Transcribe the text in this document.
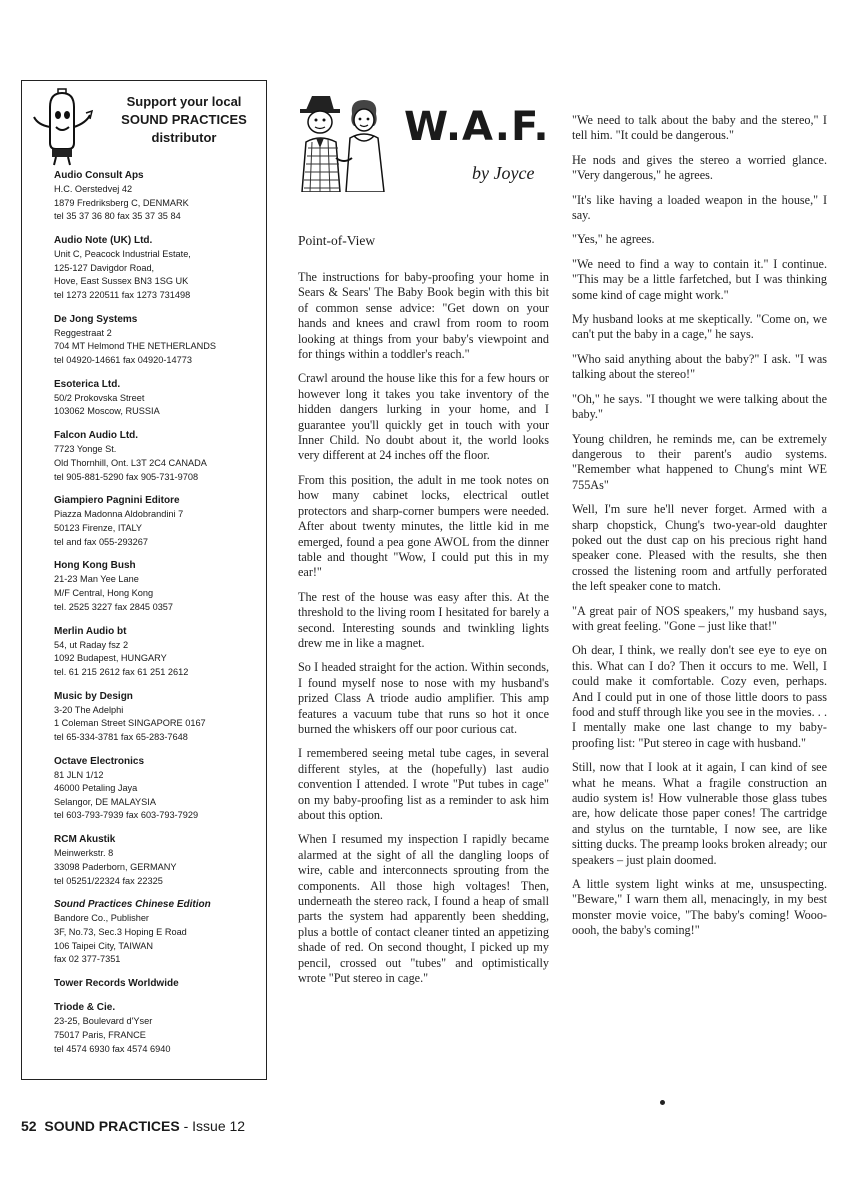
Support your local
SOUND PRACTICES
distributor
Audio Consult Aps
H.C. Oerstedvej 42
1879 Fredriksberg C, DENMARK
tel 35 37 36 80 fax 35 37 35 84
Audio Note (UK) Ltd.
Unit C, Peacock Industrial Estate,
125-127 Davigdor Road,
Hove, East Sussex BN3 1SG UK
tel 1273 220511 fax 1273 731498
De Jong Systems
Reggestraat 2
704 MT Helmond THE NETHERLANDS
tel 04920-14661 fax 04920-14773
Esoterica Ltd.
50/2 Prokovska Street
103062 Moscow, RUSSIA
Falcon Audio Ltd.
7723 Yonge St.
Old Thornhill, Ont. L3T 2C4 CANADA
tel 905-881-5290 fax 905-731-9708
Giampiero Pagnini Editore
Piazza Madonna Aldobrandini 7
50123 Firenze, ITALY
tel and fax 055-293267
Hong Kong Bush
21-23 Man Yee Lane
M/F Central, Hong Kong
tel. 2525 3227 fax 2845 0357
Merlin Audio bt
54, ut Raday fsz 2
1092 Budapest, HUNGARY
tel. 61 215 2612 fax 61 251 2612
Music by Design
3-20 The Adelphi
1 Coleman Street SINGAPORE 0167
tel 65-334-3781 fax 65-283-7648
Octave Electronics
81 JLN 1/12
46000 Petaling Jaya
Selangor, DE MALAYSIA
tel 603-793-7939 fax 603-793-7929
RCM Akustik
Meinwerkstr. 8
33098 Paderborn, GERMANY
tel 05251/22324 fax 22325
Sound Practices Chinese Edition
Bandore Co., Publisher
3F, No.73, Sec.3 Hoping E Road
106 Taipei City, TAIWAN
fax 02 377-7351
Tower Records Worldwide
Triode & Cie.
23-25, Boulevard d'Yser
75017 Paris, FRANCE
tel 4574 6930 fax 4574 6940
W.A.F.
by Joyce
Point-of-View

The instructions for baby-proofing your home in Sears & Sears' The Baby Book begin with this bit of common sense advice: "Get down on your hands and knees and crawl from room to room looking at things from your baby's viewpoint and for things within a toddler's reach."

Crawl around the house like this for a few hours or however long it takes you take inventory of the hidden dangers lurking in your home, and I guarantee you'll quickly get in touch with your Inner Child. No doubt about it, the world looks very different at 24 inches off the floor.

From this position, the adult in me took notes on how many cabinet locks, electrical outlet protectors and sharp-corner bumpers were needed. After about twenty minutes, the little kid in me emerged, found a pea gone AWOL from the dinner table and thought "Wow, I could put this in my ear!"

The rest of the house was easy after this. At the threshold to the living room I hesitated for barely a second. Interesting sounds and twinkling lights drew me in like a magnet.

So I headed straight for the action. Within seconds, I found myself nose to nose with my husband's prized Class A triode audio amplifier. This amp features a vacuum tube that runs so hot it once burned the whiskers off our poor curious cat.

I remembered seeing metal tube cages, in several different styles, at the (hopefully) last audio convention I attended. I wrote "Put tubes in cage" on my baby-proofing list as a reminder to ask him about this option.

When I resumed my inspection I rapidly became alarmed at the sight of all the dangling loops of wire, cable and interconnects sprouting from the components. All those high voltages! Then, underneath the stereo rack, I found a heap of small parts the system had apparently been shedding, plus a bottle of contact cleaner tinted an appetizing shade of red. On second thought, I picked up my pencil, crossed out "tubes" and optimistically wrote "Put stereo in cage."

"We need to talk about the baby and the stereo," I tell him. "It could be dangerous."

He nods and gives the stereo a worried glance. "Very dangerous," he agrees.

"It's like having a loaded weapon in the house," I say.

"Yes," he agrees.

"We need to find a way to contain it." I continue. "This may be a little farfetched, but I was thinking some kind of cage might work."

My husband looks at me skeptically. "Come on, we can't put the baby in a cage," he says.

"Who said anything about the baby?" I ask. "I was talking about the stereo!"

"Oh," he says. "I thought we were talking about the baby."

Young children, he reminds me, can be extremely dangerous to their parent's audio systems. "Remember what happened to Chung's mint WE 755As"

Well, I'm sure he'll never forget. Armed with a sharp chopstick, Chung's two-year-old daughter poked out the dust cap on his precious right hand speaker cone. Pleased with the results, she then crossed the listening room and artfully perforated the left speaker cone to match.

"A great pair of NOS speakers," my husband says, with great feeling. "Gone – just like that!"

Oh dear, I think, we really don't see eye to eye on this. What can I do? Then it occurs to me. Well, I could make it comfortable. Cozy even, perhaps. And I could put in one of those little doors to pass food and stuff through like you see in the movies. . . I mentally make one last change to my baby-proofing list: "Put stereo in cage with husband."

Still, now that I look at it again, I can kind of see what he means. What a fragile construction an audio system is! How vulnerable those glass tubes are, how delicate those paper cones! The cartridge and stylus on the turntable, I now see, are like sitting ducks. The preamp looks broken already; our speakers – just plain doomed.

A little system light winks at me, unsuspecting. "Beware," I warn them all, menacingly, in my best monster movie voice, "The baby's coming! Wooo-oooh, the baby's coming!"

52 SOUND PRACTICES - Issue 12
